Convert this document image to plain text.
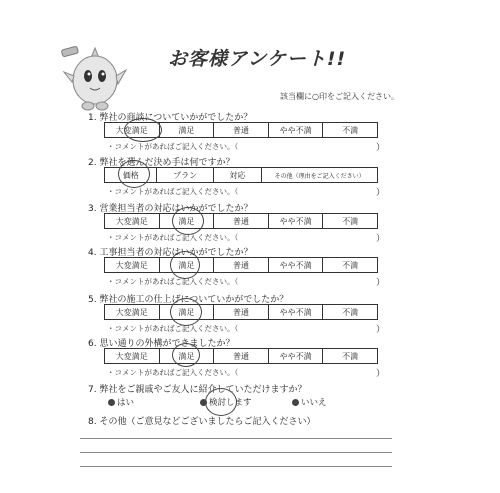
お客様アンケート!!
該当欄に○印をご記入ください。
1. 弊社の商談についていかがでしたか？
大変満足	満足	普通	やや不満	不満
・コメントがあればご記入ください。（	）
2. 弊社を選んだ決め手は何ですか？
価格	プラン	対応	その他（理由をご記入ください）
・コメントがあればご記入ください。（	）
3. 営業担当者の対応はいかがでしたか？
大変満足	満足	普通	やや不満	不満
・コメントがあればご記入ください。（	）
4. 工事担当者の対応はいかがでしたか？
大変満足	満足	普通	やや不満	不満
・コメントがあればご記入ください。（	）
5. 弊社の施工の仕上げについていかがでしたか？
大変満足	満足	普通	やや不満	不満
・コメントがあればご記入ください。（	）
6. 思い通りの外構ができましたか？
大変満足	満足	普通	やや不満	不満
・コメントがあればご記入ください。（	）
7. 弊社をご親戚やご友人に紹介していただけますか？
はい	検討します	いいえ
8. その他（ご意見などございましたらご記入ください）
